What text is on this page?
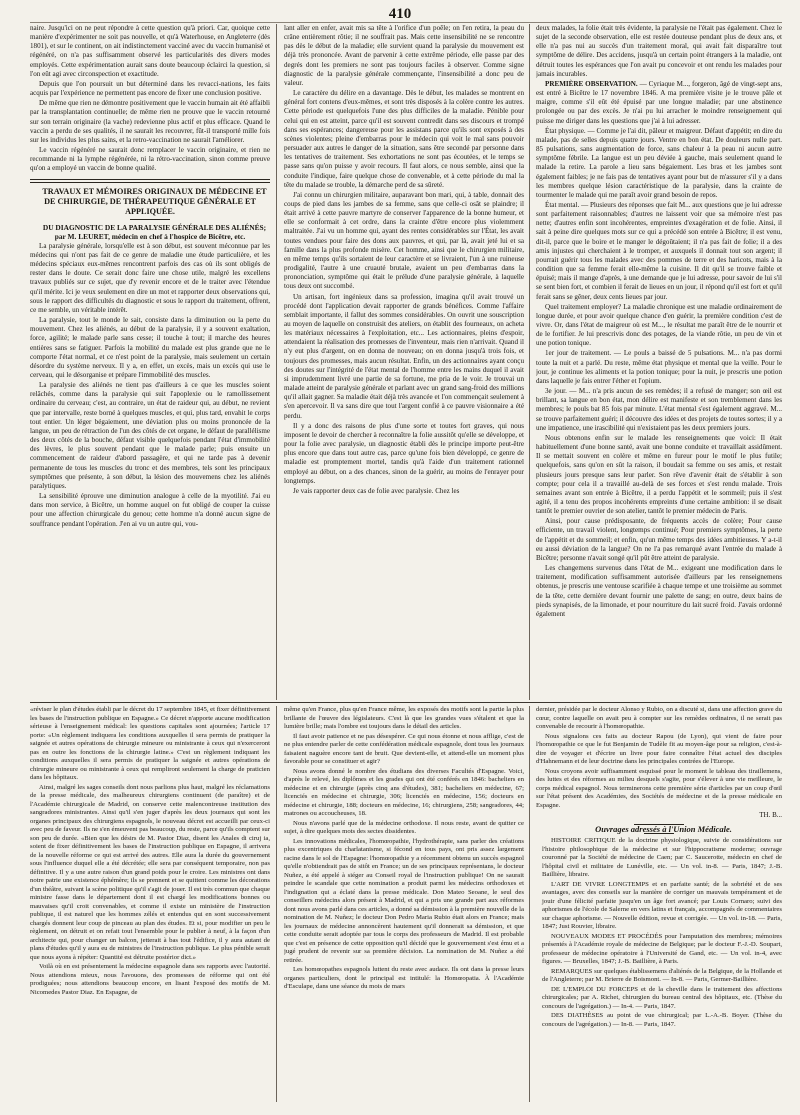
410

naire. Jusqu'ici on ne peut répondre à cette question qu'à priori. Car, quoique cette manière d'expérimenter ne soit pas nouvelle, et qu'à Waterhouse, en Angleterre (dès 1801), et sur le continent, on ait indistinctement vacciné avec du vaccin humanisé et régénéré, on n'a pas suffisamment observé les particularités des divers modes employés. Cette expérimentation aurait sans doute beaucoup éclairci la question, si l'on eût agi avec circonspection et exactitude.

Depuis que l'on poursuit un but déterminé dans les revacci-nations, les faits acquis par l'expérience ne permettent pas encore de fixer une conclusion positive.

De même que rien ne démontre positivement que le vaccin humain ait été affaibli par la transplantation continuelle; de même rien ne prouve que le vaccin retourné sur son terrain originaire (la vache) redevienne plus actif et plus efficace. Quand le vaccin a perdu de ses qualités, il ne saurait les recouvrer, fût-il transporté mille fois sur les individus les plus sains, et la retro-vaccination ne saurait l'améliorer.

Le vaccin régénéré ne saurait donc remplacer le vaccin originaire, et rien ne recommande ni la lymphe régénérée, ni la rétro-vaccination, sinon comme preuve qu'on a employé un vaccin de bonne qualité.

TRAVAUX ET MÉMOIRES ORIGINAUX DE MÉDECINE ET DE CHIRURGIE, DE THÉRAPEUTIQUE GÉNÉRALE ET APPLIQUÉE.

DU DIAGNOSTIC DE LA PARALYSIE GÉNÉRALE DES ALIÉNÉS; par M. LEURET, médecin en chef à l'hospice de Bicêtre, etc.

La paralysie générale, lorsqu'elle est à son début, est souvent méconnue par les médecins qui n'ont pas fait de ce genre de maladie une étude particulière, et les médecins spéciaux eux-mêmes rencontrent parfois des cas où ils sont obligés de rester dans le doute. Ce serait donc faire une chose utile, malgré les excellens travaux publiés sur ce sujet, que d'y revenir encore et de le traiter avec l'étendue qu'il mérite. Ici je veux seulement en dire un mot et rapporter deux observations qui, sous le rapport des difficultés du diagnostic et sous le rapport du traitement, offrent, ce me semble, un véritable intérêt.

La paralysie, tout le monde le sait, consiste dans la diminution ou la perte du mouvement. Chez les aliénés, au début de la paralysie, il y a souvent exaltation, force, agilité; le malade parle sans cesse; il touche à tout; il marche des heures entières sans se fatiguer. Parfois la mobilité du malade est plus grande que ne le comporte l'état normal, et ce n'est point de la paralysie, mais seulement un certain désordre du système nerveux. Il y a, en effet, un excès, mais un excès qui use le cerveau, qui le désorganise et prépare l'immobilité des muscles.

La paralysie des aliénés ne tient pas d'ailleurs à ce que les muscles soient relâchés, comme dans la paralysie qui suit l'apoplexie ou le ramollissement ordinaire du cerveau; c'est, au contraire, un état de raideur qui, au début, ne revient que par intervalle, reste borné à quelques muscles, et qui, plus tard, envahit le corps tout entier. Un léger bégaiement, une déviation plus ou moins prononcée de la langue, un peu de rétraction de l'un des côtés de cet organe, le défaut de parallélisme des deux côtés de la bouche, défaut visible quelquefois pendant l'état d'immobilité des lèvres, le plus souvent pendant que le malade parle; puis ensuite un commencement de raideur d'abord passagère, et qui ne tarde pas à devenir permanente de tous les muscles du tronc et des membres, tels sont les principaux symptômes que présente, à son début, la lésion des mouvemens chez les aliénés paralytiques.

La sensibilité éprouve une diminution analogue à celle de la myotilité. J'ai eu dans mon service, à Bicêtre, un homme auquel on fut obligé de couper la cuisse pour une affection chirurgicale du genou; cette homme n'a donné aucun signe de souffrance pendant l'opération. J'en ai vu un autre qui, vou-

lant aller en enfer, avait mis sa tête à l'orifice d'un poêle; on l'en retira, la peau du crâne entièrement rôtie; il ne souffrait pas. Mais cette insensibilité ne se rencontre pas dès le début de la maladie; elle survient quand la paralysie du mouvement est déjà très prononcée. Avant de parvenir à cette extrême période, elle passe par des degrés dont les premiers ne sont pas toujours faciles à observer. Comme signe diagnostic de la paralysie générale commençante, l'insensibilité a donc peu de valeur.

Le caractère du délire en a davantage. Dès le début, les malades se montrent en général fort contens d'eux-mêmes, et sont très disposés à la colère contre les autres. Cette période est quelquefois l'une des plus difficiles de la maladie. Pénible pour celui qui en est atteint, parce qu'il est souvent contredit dans ses discours et trompé dans ses espérances; dangereuse pour les assistans parce qu'ils sont exposés à des scènes violentes; pleine d'embarras pour le médecin qui voit le mal sans pouvoir persuader aux autres le danger de la situation, sans être secondé par personne dans les tentatives de traitement. Ses exhortations ne sont pas écoutées, et le temps se passe sans qu'on puisse y avoir recours. Il faut alors, ce nous semble, ainsi que la conduite l'indique, faire quelque chose de convenable, et à cette période du mal la tête du malade se trouble, la démarche perd de sa sûreté.

J'ai connu un chirurgien militaire, auparavant bon mari, qui, à table, donnait des coups de pied dans les jambes de sa femme, sans que celle-ci osât se plaindre; il était arrivé à cette pauvre martyre de conserver l'apparence de la bonne humeur, et elle se conformait à cet ordre, dans la crainte d'être encore plus violemment maltraitée. J'ai vu un homme qui, ayant des rentes considérables sur l'État, les avait toutes vendues pour faire des dons aux pauvres, et qui, par là, avait jeté lui et sa famille dans la plus profonde misère. Cet homme, ainsi que le chirurgien militaire, en même temps qu'ils sortaient de leur caractère et se livraient, l'un à une ruineuse prodigalité, l'autre à une cruauté brutale, avaient un peu d'embarras dans la prononciation, symptôme qui était le prélude d'une paralysie générale, à laquelle tous deux ont succombé.

Un artisan, fort ingénieux dans sa profession, imagina qu'il avait trouvé un procédé dont l'application devait rapporter de grands bénéfices. Comme l'affaire semblait importante, il fallut des sommes considérables. On ouvrit une souscription au moyen de laquelle on construisit des ateliers, on établit des fourneaux, on acheta les matériaux nécessaires à l'exploitation, etc... Les actionnaires, pleins d'espoir, attendaient la réalisation des promesses de l'inventeur, mais rien n'arrivait. Quand il n'y eut plus d'argent, on en donna de nouveau; on en donna jusqu'à trois fois, et toujours des promesses, mais aucun résultat. Enfin, un des actionnaires ayant conçu des doutes sur l'intégrité de l'état mental de l'homme entre les mains duquel il avait si imprudemment livré une partie de sa fortune, me pria de le voir. Je trouvai un malade atteint de paralysie générale et parlant avec un grand sang-froid des millions qu'il allait gagner. Sa maladie était déjà très avancée et l'on commençait seulement à s'en apercevoir. Il va sans dire que tout l'argent confié à ce pauvre visionnaire a été perdu.

Il y a donc des raisons de plus d'une sorte et toutes fort graves, qui nous imposent le devoir de chercher à reconnaître la folie aussitôt qu'elle se développe, et pour la folie avec paralysie, un diagnostic établi dès le principe importe peut-être plus encore que dans tout autre cas, parce qu'une fois bien développé, ce genre de maladie est promptement mortel, tandis qu'à l'aide d'un traitement rationnel employé au début, on a des chances, sinon de la guérir, au moins de l'enrayer pour longtemps.

Je vais rapporter deux cas de folie avec paralysie. Chez les

deux malades, la folie était très évidente, la paralysie ne l'était pas également. Chez le sujet de la seconde observation, elle est restée douteuse pendant plus de deux ans, et elle n'a pas nui au succès d'un traitement moral, qui avait fait disparaître tout symptôme de délire. Des accidens, jusqu'à un certain point étrangers à la maladie, ont détruit toutes les espérances que l'on avait pu concevoir et ont rendu les malades pour jamais incurables.

PREMIÈRE OBSERVATION. — Cyriaque M..., forgeron, âgé de vingt-sept ans, est entré à Bicêtre le 17 novembre 1846. A ma première visite je le trouve pâle et maigre, comme s'il eût été épuisé par une longue maladie; par une abstinence prolongée ou par des excès. Je n'ai pu lui arracher le moindre renseignement qui puisse me diriger dans les questions que j'ai à lui adresser.

État physique. — Comme je l'ai dit, pâleur et maigreur. Défaut d'appétit; en dire du malade, pas de selles depuis quatre jours. Ventre en bon état. De douleurs nulle part. 85 pulsations, sans augmentation de force, sans chaleur à la peau ni aucun autre symptôme fébrile. La langue est un peu déviée à gauche, mais seulement quand le malade la retire. La parole a lieu sans bégaiement. Les bras et les jambes sont également faibles; je ne fais pas de tentatives ayant pour but de m'assurer s'il y a dans les membres quelque lésion caractéristique de la paralysie, dans la crainte de tourmenter le malade qui me paraît avoir grand besoin de repos.

État mental. — Plusieurs des réponses que fait M... aux questions que je lui adresse sont parfaitement raisonnables; d'autres ne laissent voir que sa mémoire n'est pas nette; d'autres enfin sont incohérentes, empreintes d'exagération et de folie. Ainsi, il sait à peine dire quelques mots sur ce qui a précédé son entrée à Bicêtre; il est venu, dit-il, parce que le boire et le manger le dégoûtaient; il n'a pas fait de folie; il a des amis injustes qui cherchaient à le tromper, et auxquels il donnait tout son argent; il pourrait guérir tous les malades avec des pommes de terre et des haricots, mais à la condition que sa femme ferait elle-même la cuisine. Il dit qu'il se trouve faible et épuisé; mais il mange d'après, à une demande que je lui adresse, pour savoir de lui s'il se sent bien fort, et combien il ferait de lieues en un jour, il répond qu'il est fort et qu'il ferait sans se gêner, deux cents lieues par jour.

Quel traitement employer? La maladie chronique est une maladie ordinairement de longue durée, et pour avoir quelque chance d'en guérir, la première condition c'est de vivre. Or, dans l'état de maigreur où est M..., le résultat me paraît être de le nourrir et de le fortifier. Je lui prescrivis donc des potages, de la viande rôtie, un peu de vin et une potion tonique.

1er jour de traitement. — Le pouls a baissé de 5 pulsations. M... n'a pas dormi toute la nuit et a parlé. Du reste, même état physique et mental que la veille. Pour le jour, je continue les aliments et la potion tonique; pour la nuit, je prescris une potion dans laquelle je fais entrer l'éther et l'opium.

3e jour. — M... n'a pris aucun de ses remèdes; il a refusé de manger; son œil est brillant, sa langue en bon état, mon délire est manifeste et son tremblement dans les membres; le pouls bat 85 fois par minute. L'état mental s'est également aggravé. M... se trouve parfaitement guéri; il découvre des idées et des projets de toutes sortes; il y a une impatience, une irascibilité qui n'existaient pas les deux premiers jours.

Nous obtenons enfin sur le malade les renseignements que voici: Il était habituellement d'une bonne santé, avait une bonne conduite et travaillait assidûment. Il se mettait souvent en colère et même en fureur pour le motif le plus futile; quelquefois, sans qu'on en sût la raison, il boudait sa femme ou ses amis, et restait plusieurs jours presque sans leur parler. Son rêve d'avenir était de s'établir à son compte; pour cela il a travaillé au-delà de ses forces et s'est rendu malade. Trois semaines avant son entrée à Bicêtre, il a perdu l'appétit et le sommeil; puis il s'est agité, il a tenu des propos incohérents empreints d'une certaine ambition: il se disait tantôt le premier ouvrier de son atelier, tantôt le premier médecin de Paris.

Ainsi, pour cause prédisposante, de fréquents accès de colère; Pour cause efficiente, un travail violent, longtemps continué; Pour premiers symptômes, la perte de l'appétit et du sommeil; et enfin, qu'un même temps des idées ambitieuses. Y a-t-il eu aussi déviation de la langue? On ne l'a pas remarqué avant l'entrée du malade à Bicêtre; personne n'avait songé qu'il pût être atteint de paralysie.

Les changemens survenus dans l'état de M... exigeant une modification dans le traitement, modification suffisamment autorisée d'ailleurs par les renseignemens obtenus, je prescris une ventouse scarifiée à chaque tempe et une troisième au sommet de la tête, cette dernière devant fournir une palette de sang; en outre, deux bains de pieds synapisés, de la limonade, et pour nourriture du lait sucré froid. J'avais ordonné également

«réviser le plan d'études établi par le décret du 17 septembre 1845, et fixer définitivement les bases de l'instruction publique en Espagne.» Ce décret n'apporte aucune modification sérieuse à l'enseignement médical: les questions capitales sont ajournées; l'article 17 porte: «Un règlement indiquera les conditions auxquelles il sera permis de pratiquer la saignée et autres opérations de chirurgie mineure ou ministrante à ceux qui n'exerceront pas en outre les fonctions de la chirurgie latine.» C'est un règlement indiquant les conditions auxquelles il sera permis de pratiquer la saignée et autres opérations de chirurgie mineure ou ministrante à ceux qui rempliront seulement la charge de praticien dans les hôpitaux.

Ainsi, malgré les sages conseils dont nous parlions plus haut, malgré les réclamations de la presse médicale, des malheureux chirurgiens continuent (de paraître) et de l'Académie chirurgicale de Madrid, on conserve cette malencontreuse institution des sangradores ministrantes. Ainsi qu'il s'en juger d'après les deux journaux qui sont les organes principaux des chirurgiens espagnols, le nouveau décret est accueilli par ceux-ci avec peu de faveur. Ils ne s'en émeuvent pas beaucoup, du reste, parce qu'ils comptent sur son peu de durée. «Bien que les désirs de M. Pastor Diaz, disent les Anales di ciruj ia, soient de fixer définitivement les bases de l'instruction publique en Espagne, il arrivera de la nouvelle réforme ce qui est arrivé des autres. Elle aura la durée du gouvernement sous l'influence duquel elle a été décrétée; elle sera par conséquent temporaire, non pas définitive. Il y a une autre raison d'un grand poids pour le croire. Les ministres ont dans notre patrie une existence éphémère; ils se prennent et se quittent comme les décorations d'un théâtre, suivant la scène politique qu'il s'agit de jouer. Il est très commun que chaque ministre fasse dans le département dont il est chargé les modifications bonnes ou mauvaises qu'il croit convenables, et comme il existe un ministère de l'instruction publique, il est naturel que les hommes zélés et entendus qui en sont successivement chargés donnent leur coup de pinceau au plan des études. Et si, pour modifier un peu le règlement, on détruit et on refait tout l'ensemble pour le publier à neuf, à la façon d'un architecte qui, pour changer un balcon, jetterait à bas tout l'édifice, il y aura autant de plans d'études qu'il y aura eu de ministres de l'instruction publique. Le plus pénible serait que nous ayons à répéter: Quantité est détruite postérior dict.»

Voilà où en est présentement la médecine espagnole dans ses rapports avec l'autorité. Nous attendions mieux, nous l'avouons, des promesses de réforme qui ont été prodiguées; nous attendions beaucoup encore, en lisant l'exposé des motifs de M. Nicomedes Pastor Diaz. En Espagne, de

même qu'en France, plus qu'en France même, les exposés des motifs sont la partie la plus brillante de l'œuvre des législateurs. C'est là que les grandes vues s'étalent et que la lumière brille; mais l'ombre est toujours dans le détail des articles.

Il faut avoir patience et ne pas désespérer. Ce qui nous étonne et nous afflige, c'est de ne plus entendre parler de cette confédération médicale espagnole, dont tous les journaux faisaient naguère encore tant de bruit. Que devient-elle, et attend-elle un moment plus favorable pour se constituer et agir?

Nous avons donné le nombre des étudians des diverses Facultés d'Espagne. Voici, d'après le relevé, les diplômes et les grades qui ont été conférés en 1846: bacheliers en médecine et en chirurgie (après cinq ans d'études), 381; bacheliers en médecine, 67; licenciés en médecine et chirurgie, 306; licenciés en médecine, 156; docteurs en médecine et chirurgie, 188; docteurs en médecine, 16; chirurgiens, 258; sangradores, 44; matrones ou accoucheuses, 18.

Nous n'avons parlé que de la médecine orthodoxe. Il nous reste, avant de quitter ce sujet, à dire quelques mots des sectes dissidentes.

Les innovations médicales, l'homœopathie, l'hydrothérapie, sans parler des créations plus excentriques du charlatanisme, si fécond en tous pays, ont pris assez largement racine dans le sol de l'Espagne: l'homœopathie y a récemment obtenu un succès espagnol qu'elle n'obtiendrait pas de sitôt en France; un de ses principaux représentans, le docteur Nuñez, a été appelé à siéger au Conseil royal de l'instruction publique! On ne saurait peindre le scandale que cette nomination a produit parmi les médecins orthodoxes et l'indignation qui a éclaté dans la presse médicale. Don Mateo Seoane, le seul des conseillers médecins alors présent à Madrid, et qui a pris une grande part aux réformes dont nous avons parlé dans ces articles, a donné sa démission à la première nouvelle de la nomination de M. Nuñez; le docteur Don Pedro Maria Rubio était alors en France; mais les journaux de médecine annoncèrent hautement qu'il donnerait sa démission, et que cette conduite serait adoptée par tous le corps des professeurs de Madrid. Il est probable que c'est en présence de cette opposition qu'il décidé que le gouvernement s'est ému et a jugé prudent de revenir sur sa première décision. La nomination de M. Nuñez a été retirée.

Les homœopathes espagnols luttent du reste avec audace. Ils ont dans la presse leurs organes particuliers, dont le principal est intitulé: la Homœopatia. À l'Académie d'Esculape, dans une séance du mois de mars

dernier, présidée par le docteur Alonso y Rubio, on a discuté si, dans une affection grave du cœur, contre laquelle on avait peu à compter sur les remèdes ordinaires, il ne serait pas convenable de recourir à l'homœopathie.

Nous signalons ces faits au docteur Rapou (de Lyon), qui vient de faire pour l'homœopathie ce que le fut Benjamin de Tudèle fit au moyen-âge pour sa religion, c'est-à-dire de voyager et d'écrire un livre pour faire connaître l'état actuel des disciples d'Hahnemann et de leur doctrine dans les principales contrées de l'Europe.

Nous croyons avoir suffisamment esquissé pour le moment le tableau des tiraillemens, des luttes et des réformes au milieu desquels s'agite, pour s'élever à une vie meilleure, le corps médical espagnol. Nous terminerons cette première série d'articles par un coup d'œil sur l'état présent des Académies, des Sociétés de médecine et de la presse médicale en Espagne.

TH. B...

Ouvrages adressés à l'Union Médicale.

HISTOIRE CRITIQUE de la doctrine physiologique, suivie de considérations sur l'histoire philosophique de la médecine et sur l'hippocratisme moderne; ouvrage couronné par la Société de médecine de Caen; par C. Saucerotte, médecin en chef de l'hôpital civil et militaire de Lunéville, etc. — Un vol. in-8. — Paris, 1847; J.-B. Baillière, libraire.

L'ART DE VIVRE LONGTEMPS et en parfaite santé; de la sobriété et de ses avantages, avec des conseils sur la manière de corriger un mauvais tempérament et de jouir d'une félicité parfaite jusqu'en un âge fort avancé; par Louis Cornaro; suivi des aphorismes de l'école de Salerne en vers latins et français, accompagnés de commentaires sur chaque aphorisme. — Nouvelle édition, revue et corrigée. — Un vol. in-18. — Paris, 1847; Just Rouvier, libraire.

NOUVEAUX MODES ET PROCÉDÉS pour l'amputation des membres; mémoires présentés à l'Académie royale de médecine de Belgique; par le docteur F.-J.-D. Soupart, professeur de médecine opératoire à l'Université de Gand, etc. — Un vol. in-4, avec figures. — Bruxelles, 1847; J.-B. Baillière, à Paris.

REMARQUES sur quelques établissemens d'aliénés de la Belgique, de la Hollande et de l'Angleterre; par M. Brierre de Boismont. — In-8. — Paris, Germer-Baillière.

DE L'EMPLOI DU FORCEPS et de la cheville dans le traitement des affections chirurgicales; par A. Richet, chirurgien du bureau central des hôpitaux, etc. (Thèse du concours de l'agrégation.) — In-4. — Paris, 1847.

DES DIATHÈSES au point de vue chirurgical; par L.-A.-B. Boyer. (Thèse du concours de l'agrégation.) — In-8. — Paris, 1847.
